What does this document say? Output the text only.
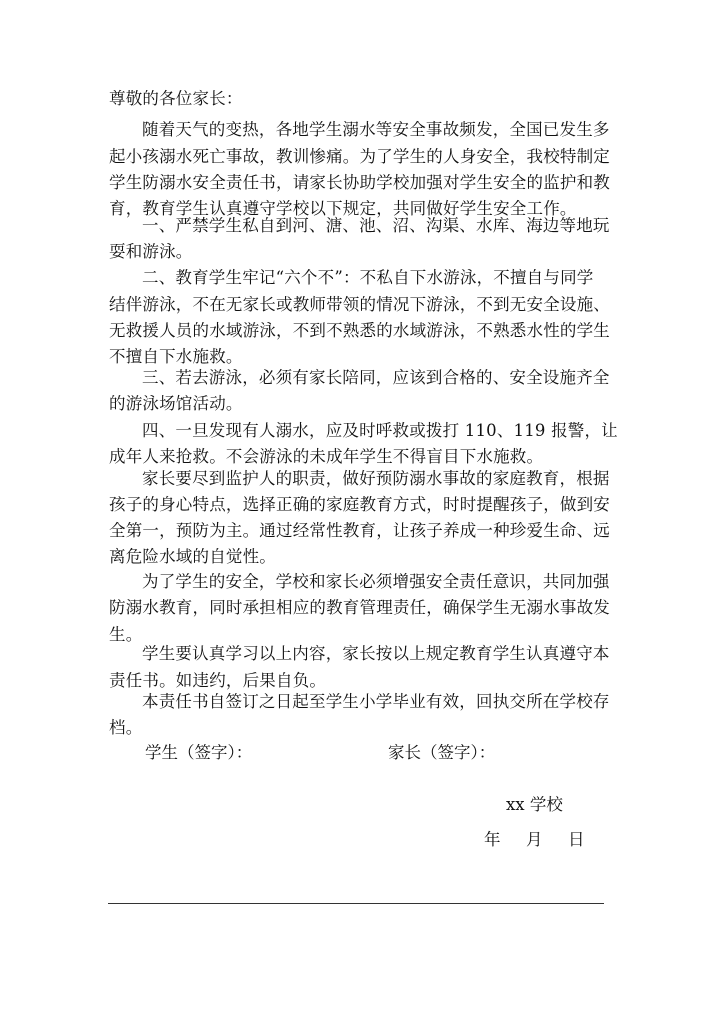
尊敬的各位家长：
随着天气的变热，各地学生溺水等安全事故频发，全国已发生多
起小孩溺水死亡事故，教训惨痛。为了学生的人身安全，我校特制定
学生防溺水安全责任书，请家长协助学校加强对学生安全的监护和教
育，教育学生认真遵守学校以下规定，共同做好学生安全工作。
一、严禁学生私自到河、溏、池、沼、沟渠、水库、海边等地玩
耍和游泳。
二、教育学生牢记“六个不”：不私自下水游泳，不擅自与同学
结伴游泳，不在无家长或教师带领的情况下游泳，不到无安全设施、
无救援人员的水域游泳，不到不熟悉的水域游泳，不熟悉水性的学生
不擅自下水施救。
三、若去游泳，必须有家长陪同，应该到合格的、安全设施齐全
的游泳场馆活动。
四、一旦发现有人溺水，应及时呼救或拨打 110、119 报警，让
成年人来抢救。不会游泳的未成年学生不得盲目下水施救。
家长要尽到监护人的职责，做好预防溺水事故的家庭教育，根据
孩子的身心特点，选择正确的家庭教育方式，时时提醒孩子，做到安
全第一，预防为主。通过经常性教育，让孩子养成一种珍爱生命、远
离危险水域的自觉性。
为了学生的安全，学校和家长必须增强安全责任意识，共同加强
防溺水教育，同时承担相应的教育管理责任，确保学生无溺水事故发
生。
学生要认真学习以上内容，家长按以上规定教育学生认真遵守本
责任书。如违约，后果自负。
本责任书自签订之日起至学生小学毕业有效，回执交所在学校存
档。
学生（签字）：	家长（签字）：
xx 学校
年 月 日
